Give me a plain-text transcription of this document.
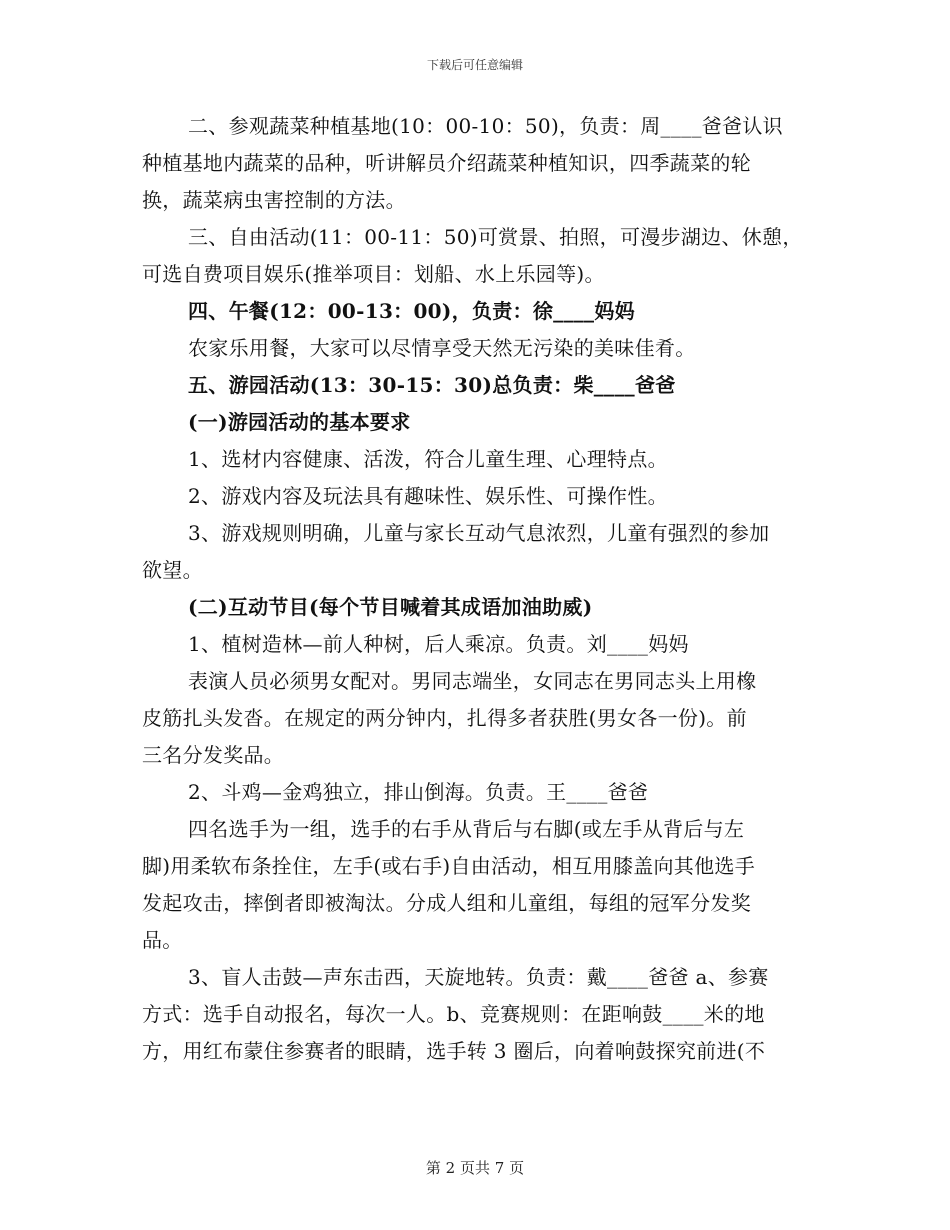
下载后可任意编辑
二、参观蔬菜种植基地(10：00-10：50)，负责：周____爸爸认识
种植基地内蔬菜的品种，听讲解员介绍蔬菜种植知识，四季蔬菜的轮
换，蔬菜病虫害控制的方法。
三、自由活动(11：00-11：50)可赏景、拍照，可漫步湖边、休憩，
可选自费项目娱乐(推举项目：划船、水上乐园等)。
四、午餐(12：00-13：00)，负责：徐____妈妈
农家乐用餐，大家可以尽情享受天然无污染的美味佳肴。
五、游园活动(13：30-15：30)总负责：柴____爸爸
(一)游园活动的基本要求
1、选材内容健康、活泼，符合儿童生理、心理特点。
2、游戏内容及玩法具有趣味性、娱乐性、可操作性。
3、游戏规则明确，儿童与家长互动气息浓烈，儿童有强烈的参加
欲望。
(二)互动节目(每个节目喊着其成语加油助威)
1、植树造林—前人种树，后人乘凉。负责。刘____妈妈
表演人员必须男女配对。男同志端坐，女同志在男同志头上用橡
皮筋扎头发沓。在规定的两分钟内，扎得多者获胜(男女各一份)。前
三名分发奖品。
2、斗鸡—金鸡独立，排山倒海。负责。王____爸爸
四名选手为一组，选手的右手从背后与右脚(或左手从背后与左
脚)用柔软布条拴住，左手(或右手)自由活动，相互用膝盖向其他选手
发起攻击，摔倒者即被淘汰。分成人组和儿童组，每组的冠军分发奖
品。
3、盲人击鼓—声东击西，天旋地转。负责：戴____爸爸 a、参赛
方式：选手自动报名，每次一人。b、竞赛规则：在距响鼓____米的地
方，用红布蒙住参赛者的眼睛，选手转 3 圈后，向着响鼓探究前进(不
第 2 页共 7 页
